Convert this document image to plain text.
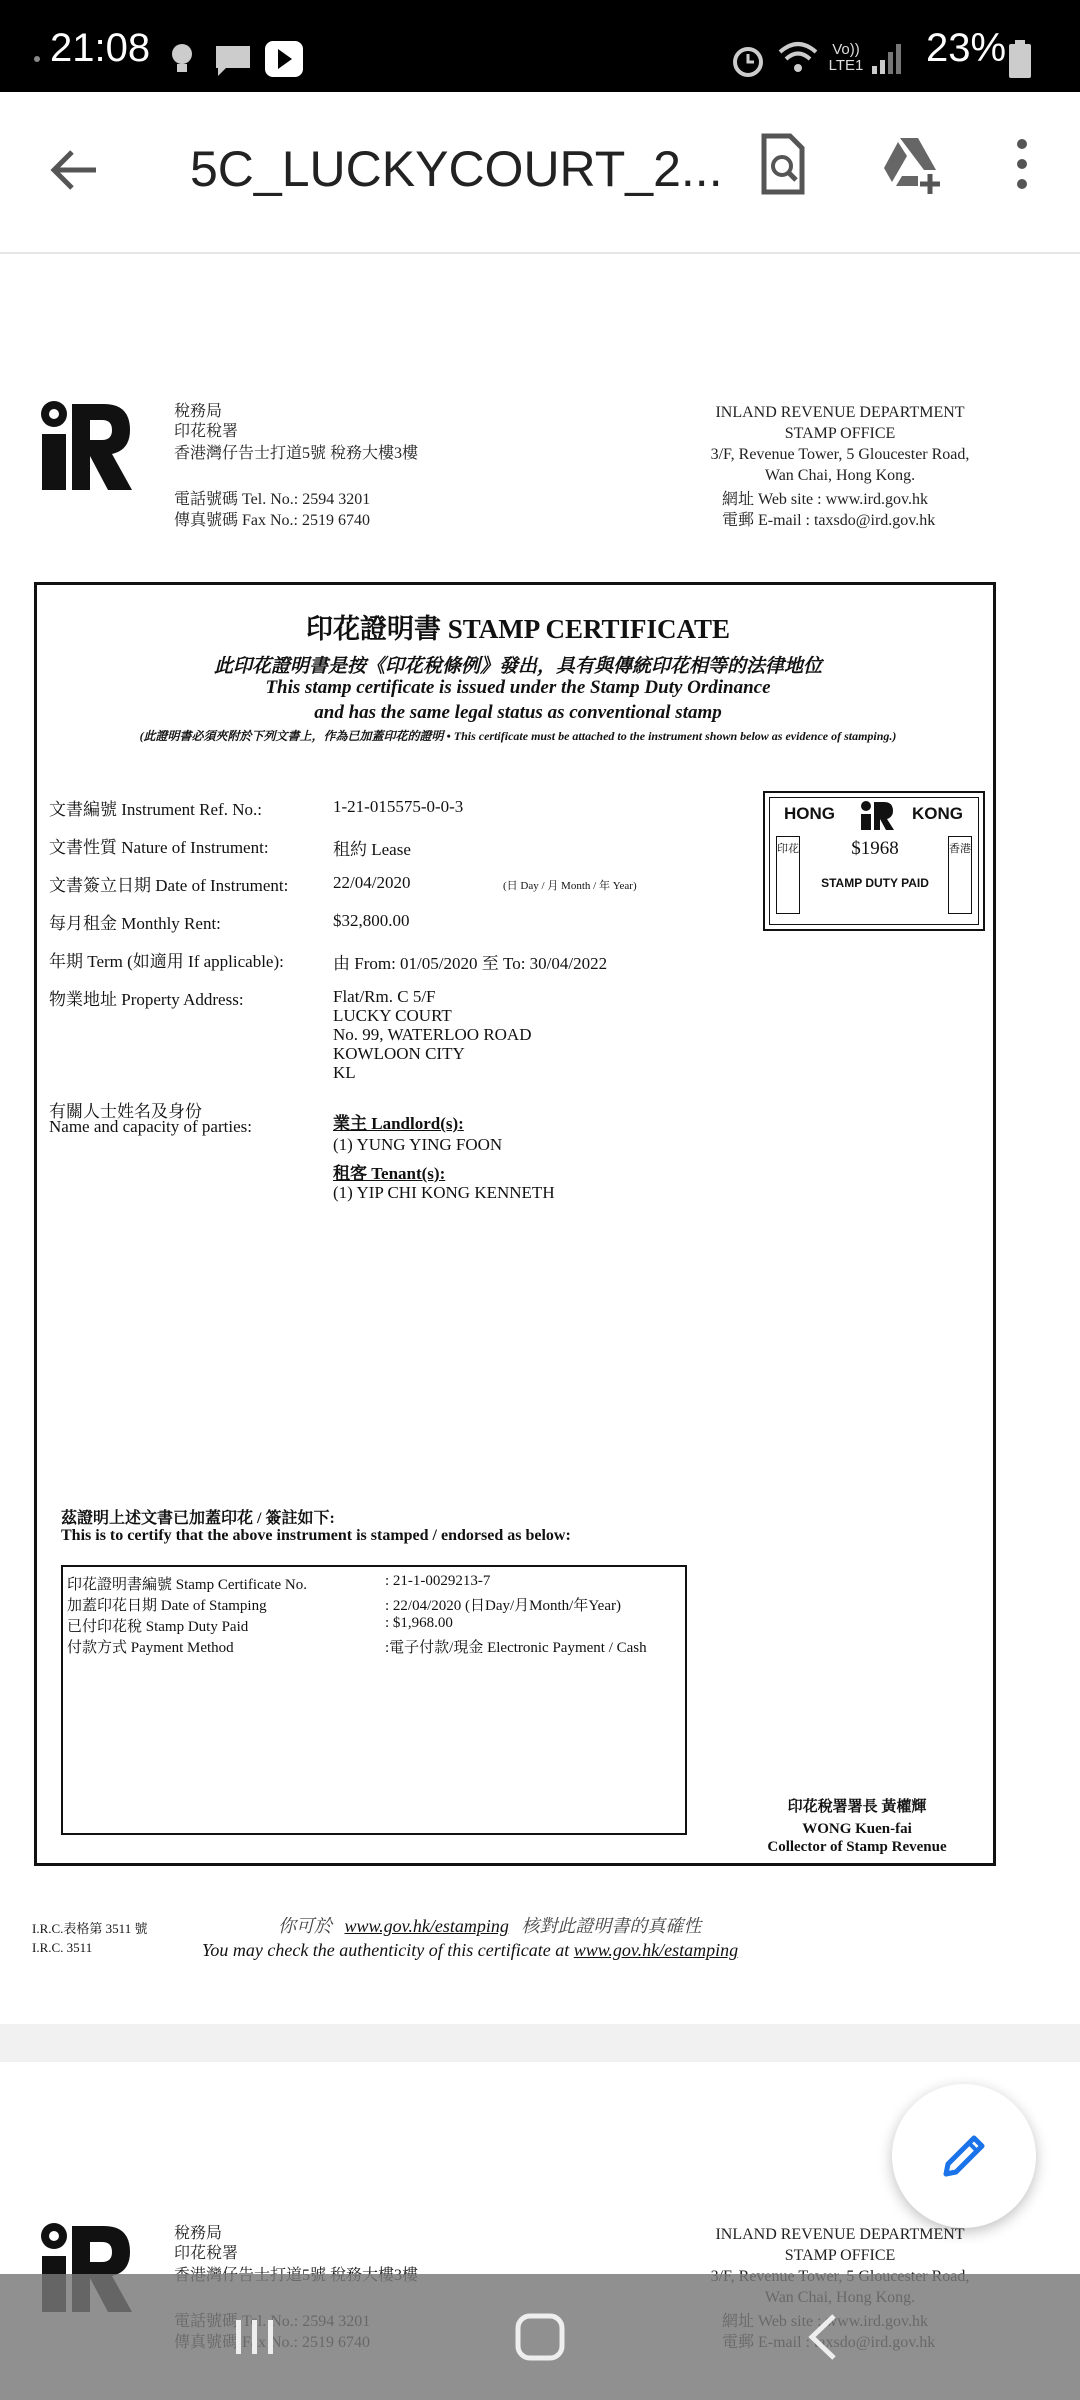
21:08	Vo)) LTE1 23%
5C_LUCKYCOURT_2...
稅務局
印花稅署
香港灣仔告士打道5號 稅務大樓3樓
電話號碼 Tel. No.: 2594 3201
傳真號碼 Fax No.: 2519 6740
INLAND REVENUE DEPARTMENT
STAMP OFFICE
3/F, Revenue Tower, 5 Gloucester Road,
Wan Chai, Hong Kong.
網址 Web site : www.ird.gov.hk
電郵 E-mail : taxsdo@ird.gov.hk
印花證明書 STAMP CERTIFICATE
此印花證明書是按《印花稅條例》發出，具有與傳統印花相等的法律地位
This stamp certificate is issued under the Stamp Duty Ordinance
and has the same legal status as conventional stamp
(此證明書必須夾附於下列文書上，作為已加蓋印花的證明 • This certificate must be attached to the instrument shown below as evidence of stamping.)
文書編號 Instrument Ref. No.:	1-21-015575-0-0-3
文書性質 Nature of Instrument:	租約 Lease
文書簽立日期 Date of Instrument:	22/04/2020	(日 Day / 月 Month / 年 Year)
每月租金 Monthly Rent:	$32,800.00
年期 Term (如適用 If applicable):	由 From: 01/05/2020 至 To: 30/04/2022
物業地址 Property Address:	Flat/Rm. C 5/F
LUCKY COURT
No. 99, WATERLOO ROAD
KOWLOON CITY
KL
有關人士姓名及身份
Name and capacity of parties:	業主 Landlord(s):
(1) YUNG YING FOON
租客 Tenant(s):
(1) YIP CHI KONG KENNETH
HONG	KONG
印花	香港
$1968
STAMP DUTY PAID
茲證明上述文書已加蓋印花 / 簽註如下:
This is to certify that the above instrument is stamped / endorsed as below:
印花證明書編號 Stamp Certificate No.	: 21-1-0029213-7
加蓋印花日期 Date of Stamping	: 22/04/2020 (日Day/月Month/年Year)
已付印花稅 Stamp Duty Paid	: $1,968.00
付款方式 Payment Method	:電子付款/現金 Electronic Payment / Cash
印花稅署署長 黃權輝
WONG Kuen-fai
Collector of Stamp Revenue
I.R.C.表格第 3511 號
I.R.C. 3511
你可於 www.gov.hk/estamping 核對此證明書的真確性
You may check the authenticity of this certificate at www.gov.hk/estamping
稅務局
印花稅署
INLAND REVENUE DEPARTMENT
STAMP OFFICE
